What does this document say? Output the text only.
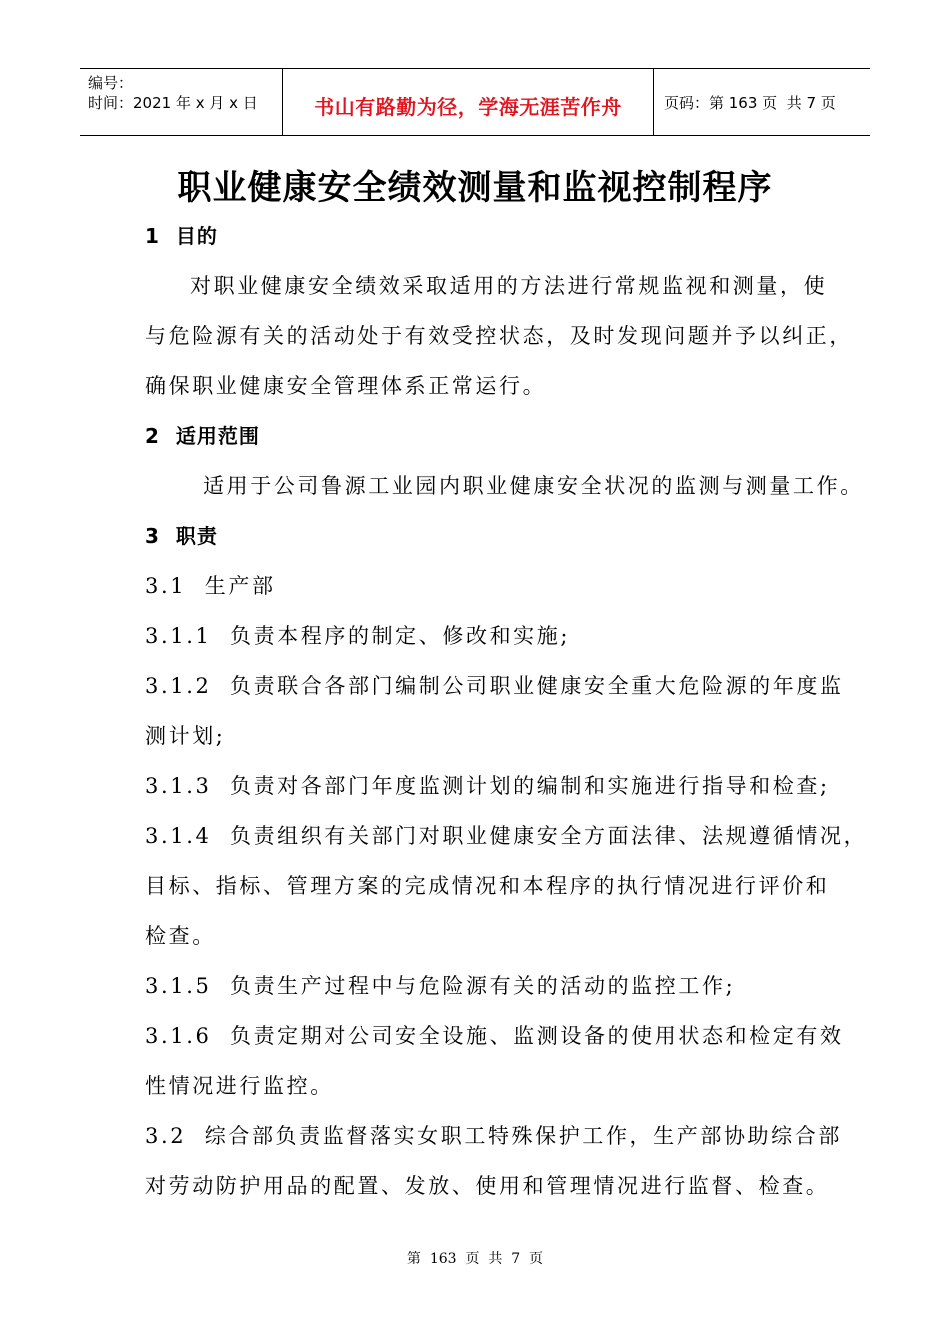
编号：
时间：2021 年 x 月 x 日	书山有路勤为径，学海无涯苦作舟	页码：第 163 页  共 7 页
职业健康安全绩效测量和监视控制程序
1  目的
对职业健康安全绩效采取适用的方法进行常规监视和测量，使
与危险源有关的活动处于有效受控状态，及时发现问题并予以纠正，
确保职业健康安全管理体系正常运行。
2  适用范围
适用于公司鲁源工业园内职业健康安全状况的监测与测量工作。
3  职责
3.1  生产部
3.1.1  负责本程序的制定、修改和实施;
3.1.2  负责联合各部门编制公司职业健康安全重大危险源的年度监
测计划;
3.1.3  负责对各部门年度监测计划的编制和实施进行指导和检查;
3.1.4  负责组织有关部门对职业健康安全方面法律、法规遵循情况，
目标、指标、管理方案的完成情况和本程序的执行情况进行评价和
检查。
3.1.5  负责生产过程中与危险源有关的活动的监控工作;
3.1.6  负责定期对公司安全设施、监测设备的使用状态和检定有效
性情况进行监控。
3.2  综合部负责监督落实女职工特殊保护工作，生产部协助综合部
对劳动防护用品的配置、发放、使用和管理情况进行监督、检查。
第  163  页  共  7  页
